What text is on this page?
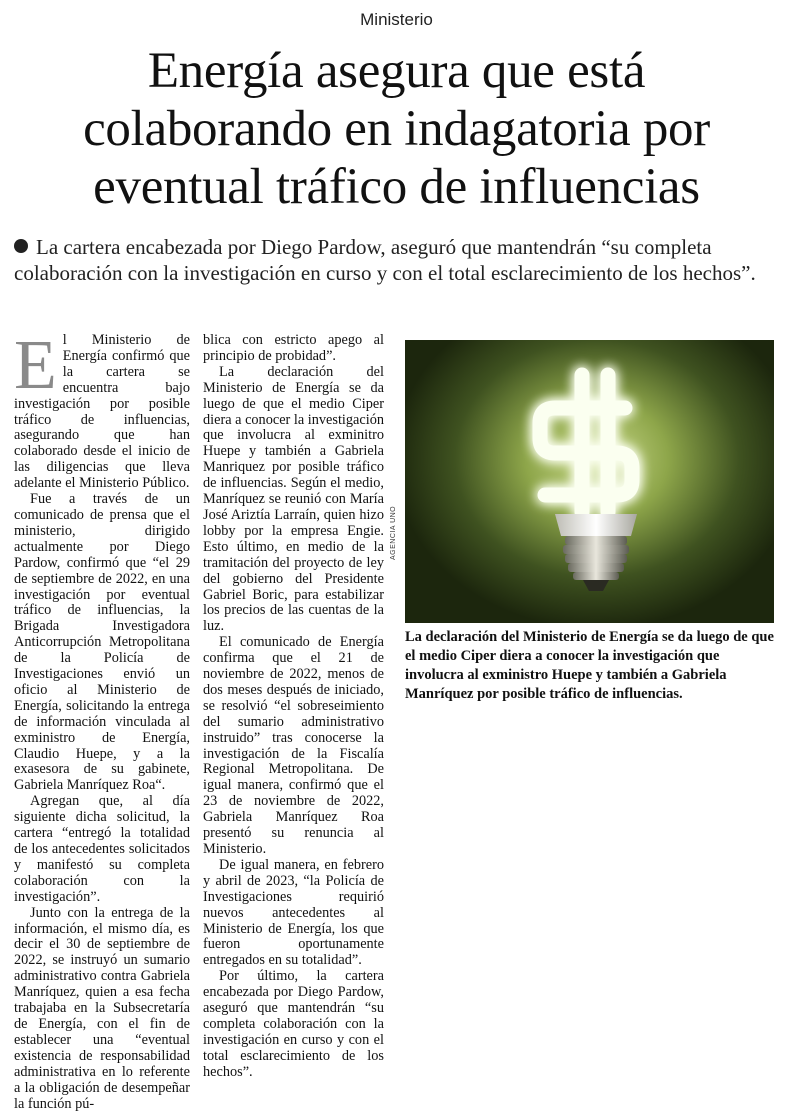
Ministerio
Energía asegura que está colaborando en indagatoria por eventual tráfico de influencias
La cartera encabezada por Diego Pardow, aseguró que mantendrán “su completa colaboración con la investigación en curso y con el total esclarecimiento de los hechos”.
E l Ministerio de Energía confirmó que la cartera se encuentra bajo investigación por posible tráfico de influencias, asegurando que han colaborado desde el inicio de las diligencias que lleva adelante el Ministerio Público.

Fue a través de un comunicado de prensa que el ministerio, dirigido actualmente por Diego Pardow, confirmó que “el 29 de septiembre de 2022, en una investigación por eventual tráfico de influencias, la Brigada Investigadora Anticorrupción Metropolitana de la Policía de Investigaciones envió un oficio al Ministerio de Energía, solicitando la entrega de información vinculada al exministro de Energía, Claudio Huepe, y a la exasesora de su gabinete, Gabriela Manríquez Roa“.

Agregan que, al día siguiente dicha solicitud, la cartera “entregó la totalidad de los antecedentes solicitados y manifestó su completa colaboración con la investigación”.

Junto con la entrega de la información, el mismo día, es decir el 30 de septiembre de 2022, se instruyó un sumario administrativo contra Gabriela Manríquez, quien a esa fecha trabajaba en la Subsecretaría de Energía, con el fin de establecer una “eventual existencia de responsabilidad administrativa en lo referente a la obligación de desempeñar la función pú-

blica con estricto apego al principio de probidad”.

La declaración del Ministerio de Energía se da luego de que el medio Ciper diera a conocer la investigación que involucra al exminitro Huepe y también a Gabriela Manriquez por posible tráfico de influencias. Según el medio, Manríquez se reunió con María José Ariztía Larraín, quien hizo lobby por la empresa Engie. Esto último, en medio de la tramitación del proyecto de ley del gobierno del Presidente Gabriel Boric, para estabilizar los precios de las cuentas de la luz.

El comunicado de Energía confirma que el 21 de noviembre de 2022, menos de dos meses después de iniciado, se resolvió “el sobreseimiento del sumario administrativo instruido” tras conocerse la investigación de la Fiscalía Regional Metropolitana. De igual manera, confirmó que el 23 de noviembre de 2022, Gabriela Manríquez Roa presentó su renuncia al Ministerio.

De igual manera, en febrero y abril de 2023, “la Policía de Investigaciones requirió nuevos antecedentes al Ministerio de Energía, los que fueron oportunamente entregados en su totalidad”.

Por último, la cartera encabezada por Diego Pardow, aseguró que mantendrán “su completa colaboración con la investigación en curso y con el total esclarecimiento de los hechos”.

AGENCIA UNO
La declaración del Ministerio de Energía se da luego de que el medio Ciper diera a conocer la investigación que involucra al exministro Huepe y también a Gabriela Manríquez por posible tráfico de influencias.
